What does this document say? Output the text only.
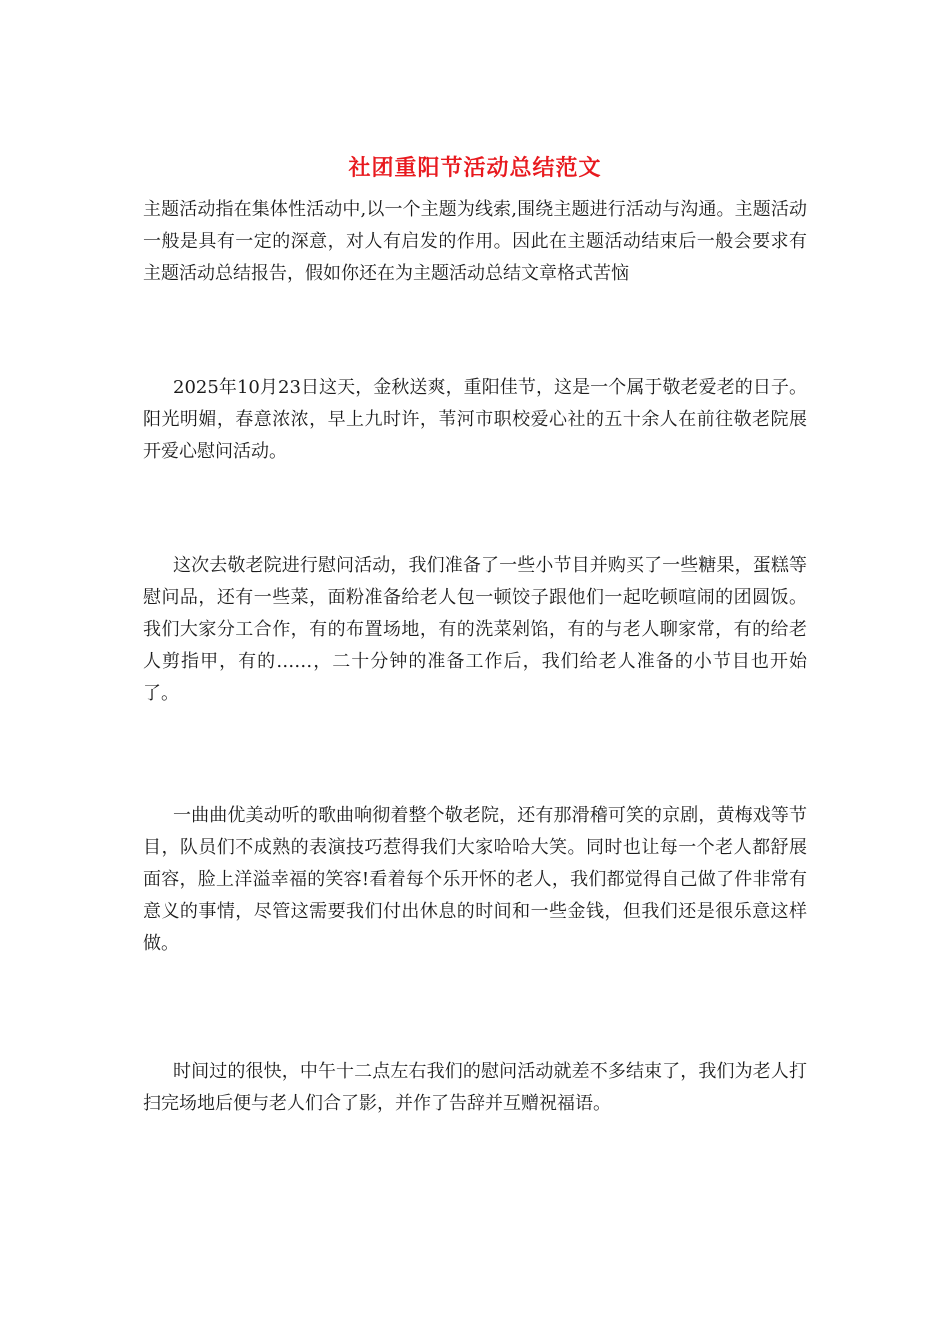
社团重阳节活动总结范文

主题活动指在集体性活动中,以一个主题为线索,围绕主题进行活动与沟通。主题活动一般是具有一定的深意，对人有启发的作用。因此在主题活动结束后一般会要求有主题活动总结报告，假如你还在为主题活动总结文章格式苦恼

2025年10月23日这天，金秋送爽，重阳佳节，这是一个属于敬老爱老的日子。阳光明媚，春意浓浓，早上九时许，苇河市职校爱心社的五十余人在前往敬老院展开爱心慰问活动。

这次去敬老院进行慰问活动，我们准备了一些小节目并购买了一些糖果，蛋糕等慰问品，还有一些菜，面粉准备给老人包一顿饺子跟他们一起吃顿喧闹的团圆饭。我们大家分工合作，有的布置场地，有的洗菜剁馅，有的与老人聊家常，有的给老人剪指甲，有的……，二十分钟的准备工作后，我们给老人准备的小节目也开始了。

一曲曲优美动听的歌曲响彻着整个敬老院，还有那滑稽可笑的京剧，黄梅戏等节目，队员们不成熟的表演技巧惹得我们大家哈哈大笑。同时也让每一个老人都舒展面容，脸上洋溢幸福的笑容!看着每个乐开怀的老人，我们都觉得自己做了件非常有意义的事情，尽管这需要我们付出休息的时间和一些金钱，但我们还是很乐意这样做。

时间过的很快，中午十二点左右我们的慰问活动就差不多结束了，我们为老人打扫完场地后便与老人们合了影，并作了告辞并互赠祝福语。
